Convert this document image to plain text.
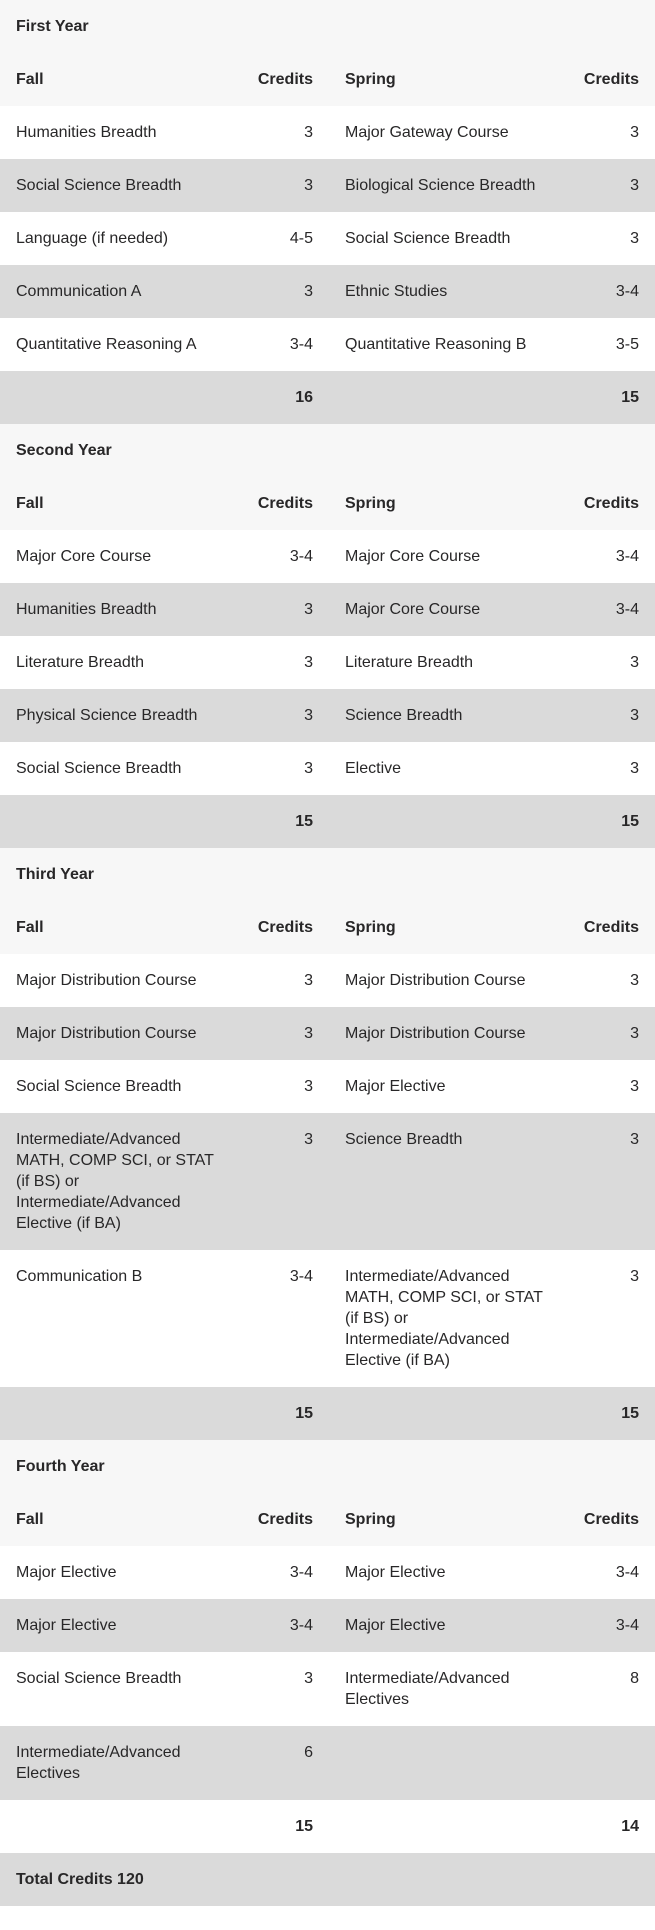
First Year			
Fall	Credits	Spring	Credits
Humanities Breadth	3	Major Gateway Course	3
Social Science Breadth	3	Biological Science Breadth	3
Language (if needed)	4-5	Social Science Breadth	3
Communication A	3	Ethnic Studies	3-4
Quantitative Reasoning A	3-4	Quantitative Reasoning B	3-5
	16		15
Second Year			
Fall	Credits	Spring	Credits
Major Core Course	3-4	Major Core Course	3-4
Humanities Breadth	3	Major Core Course	3-4
Literature Breadth	3	Literature Breadth	3
Physical Science Breadth	3	Science Breadth	3
Social Science Breadth	3	Elective	3
	15		15
Third Year			
Fall	Credits	Spring	Credits
Major Distribution Course	3	Major Distribution Course	3
Major Distribution Course	3	Major Distribution Course	3
Social Science Breadth	3	Major Elective	3
Intermediate/Advanced MATH, COMP SCI, or STAT (if BS) or Intermediate/Advanced Elective (if BA)	3	Science Breadth	3
Communication B	3-4	Intermediate/Advanced MATH, COMP SCI, or STAT (if BS) or Intermediate/Advanced Elective (if BA)	3
	15		15
Fourth Year			
Fall	Credits	Spring	Credits
Major Elective	3-4	Major Elective	3-4
Major Elective	3-4	Major Elective	3-4
Social Science Breadth	3	Intermediate/Advanced Electives	8
Intermediate/Advanced Electives	6		
	15		14
Total Credits 120			
